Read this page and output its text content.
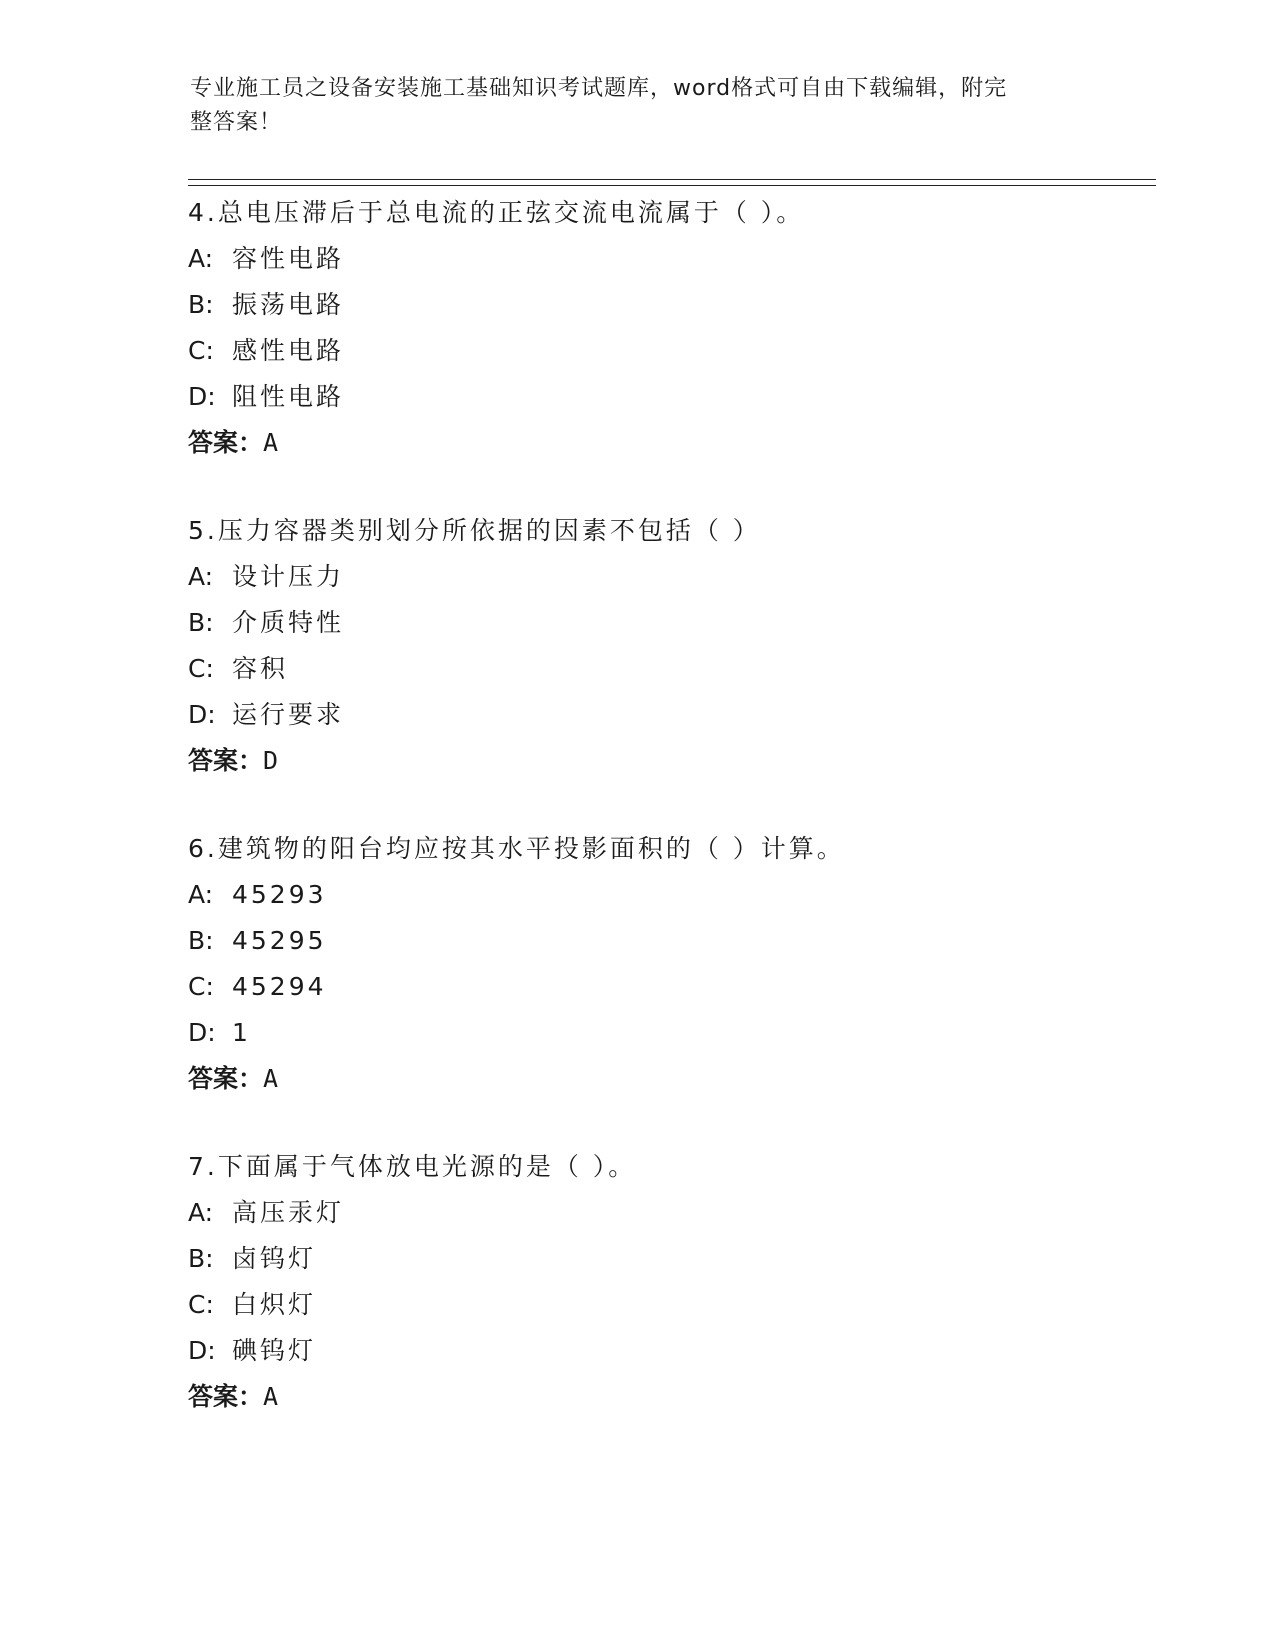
专业施工员之设备安装施工基础知识考试题库，word格式可自由下载编辑，附完
整答案！
4.总电压滞后于总电流的正弦交流电流属于（ ）。
A: 容性电路
B: 振荡电路
C: 感性电路
D: 阻性电路
答案：A
5.压力容器类别划分所依据的因素不包括（ ）
A: 设计压力
B: 介质特性
C: 容积
D: 运行要求
答案：D
6.建筑物的阳台均应按其水平投影面积的（ ）计算。
A: 45293
B: 45295
C: 45294
D: 1
答案：A
7.下面属于气体放电光源的是（ ）。
A: 高压汞灯
B: 卤钨灯
C: 白炽灯
D: 碘钨灯
答案：A
